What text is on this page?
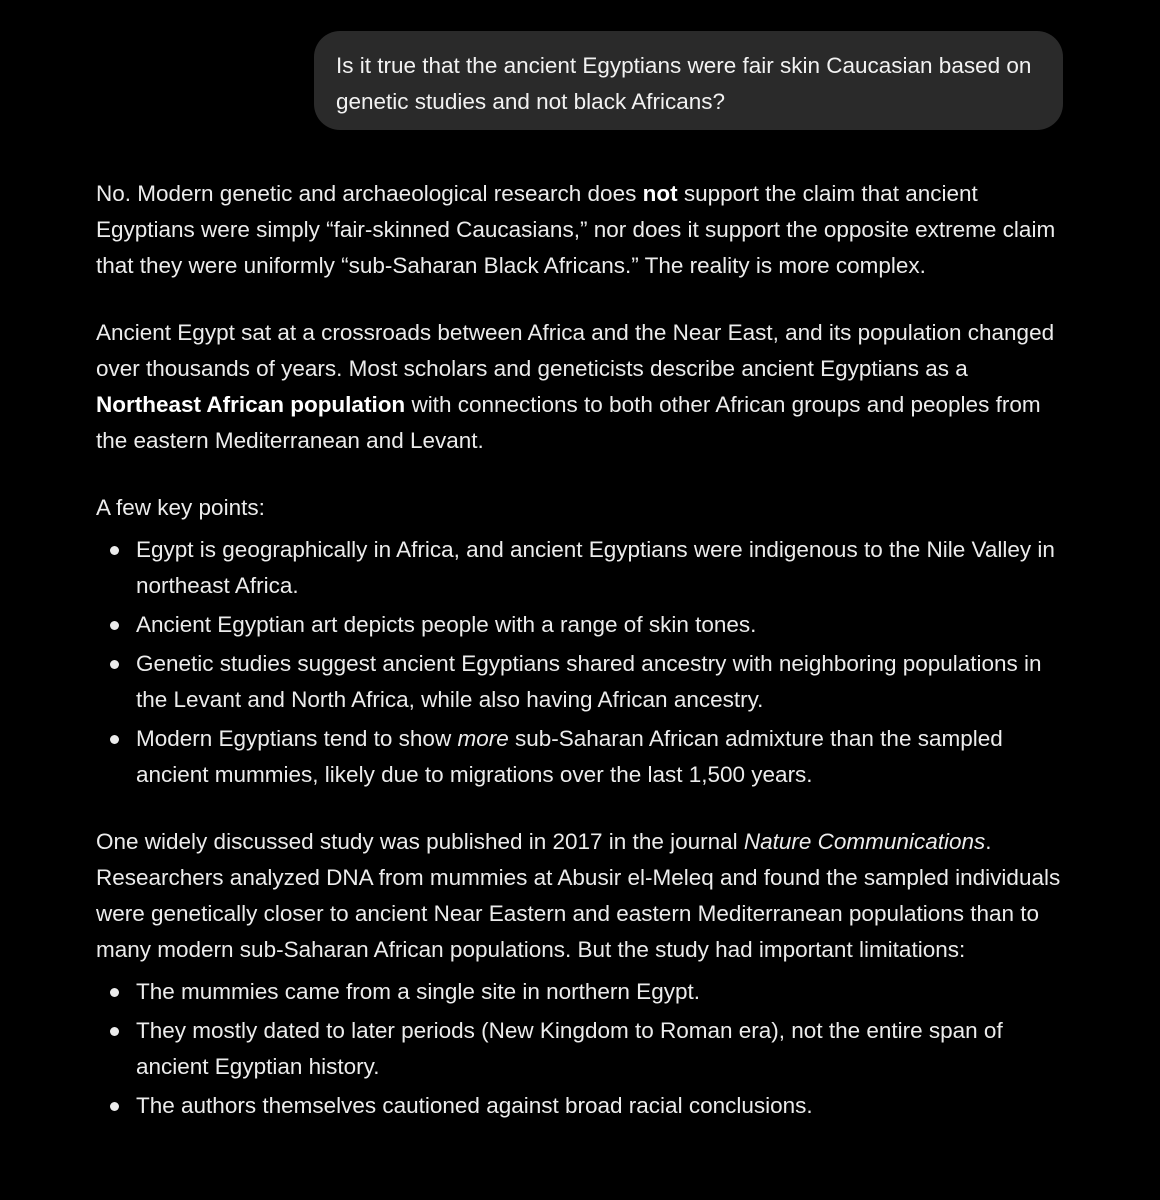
Is it true that the ancient Egyptians were fair skin Caucasian based on genetic studies and not black Africans?

No. Modern genetic and archaeological research does not support the claim that ancient Egyptians were simply “fair-skinned Caucasians,” nor does it support the opposite extreme claim that they were uniformly “sub-Saharan Black Africans.” The reality is more complex.

Ancient Egypt sat at a crossroads between Africa and the Near East, and its population changed over thousands of years. Most scholars and geneticists describe ancient Egyptians as a Northeast African population with connections to both other African groups and peoples from the eastern Mediterranean and Levant.

A few key points:

Egypt is geographically in Africa, and ancient Egyptians were indigenous to the Nile Valley in northeast Africa.
Ancient Egyptian art depicts people with a range of skin tones.
Genetic studies suggest ancient Egyptians shared ancestry with neighboring populations in the Levant and North Africa, while also having African ancestry.
Modern Egyptians tend to show more sub-Saharan African admixture than the sampled ancient mummies, likely due to migrations over the last 1,500 years.

One widely discussed study was published in 2017 in the journal Nature Communications. Researchers analyzed DNA from mummies at Abusir el-Meleq and found the sampled individuals were genetically closer to ancient Near Eastern and eastern Mediterranean populations than to many modern sub-Saharan African populations. But the study had important limitations:

The mummies came from a single site in northern Egypt.
They mostly dated to later periods (New Kingdom to Roman era), not the entire span of ancient Egyptian history.
The authors themselves cautioned against broad racial conclusions.
